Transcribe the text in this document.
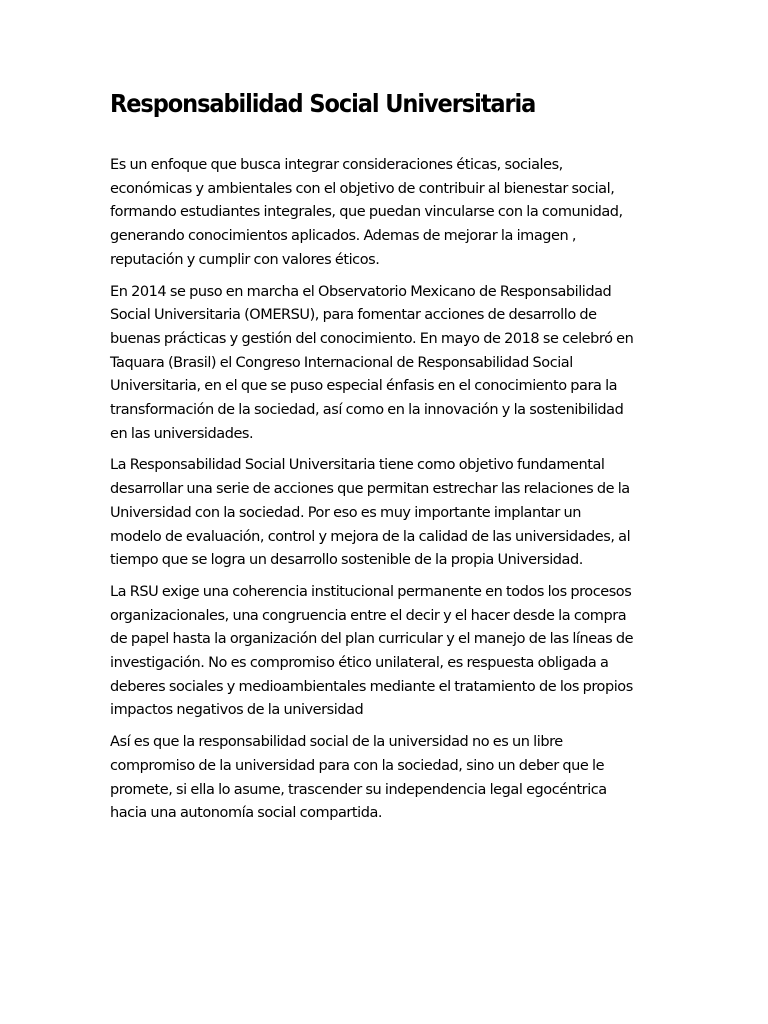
Responsabilidad Social Universitaria

Es un enfoque que busca integrar consideraciones éticas, sociales,
económicas y ambientales con el objetivo de contribuir al bienestar social,
formando estudiantes integrales, que puedan vincularse con la comunidad,
generando conocimientos aplicados. Ademas de mejorar la imagen ,
reputación y cumplir con valores éticos.

En 2014 se puso en marcha el Observatorio Mexicano de Responsabilidad
Social Universitaria (OMERSU), para fomentar acciones de desarrollo de
buenas prácticas y gestión del conocimiento. En mayo de 2018 se celebró en
Taquara (Brasil) el Congreso Internacional de Responsabilidad Social
Universitaria, en el que se puso especial énfasis en el conocimiento para la
transformación de la sociedad, así como en la innovación y la sostenibilidad
en las universidades.

La Responsabilidad Social Universitaria tiene como objetivo fundamental
desarrollar una serie de acciones que permitan estrechar las relaciones de la
Universidad con la sociedad. Por eso es muy importante implantar un
modelo de evaluación, control y mejora de la calidad de las universidades, al
tiempo que se logra un desarrollo sostenible de la propia Universidad.

La RSU exige una coherencia institucional permanente en todos los procesos
organizacionales, una congruencia entre el decir y el hacer desde la compra
de papel hasta la organización del plan curricular y el manejo de las líneas de
investigación. No es compromiso ético unilateral, es respuesta obligada a
deberes sociales y medioambientales mediante el tratamiento de los propios
impactos negativos de la universidad

Así es que la responsabilidad social de la universidad no es un libre
compromiso de la universidad para con la sociedad, sino un deber que le
promete, si ella lo asume, trascender su independencia legal egocéntrica
hacia una autonomía social compartida.
